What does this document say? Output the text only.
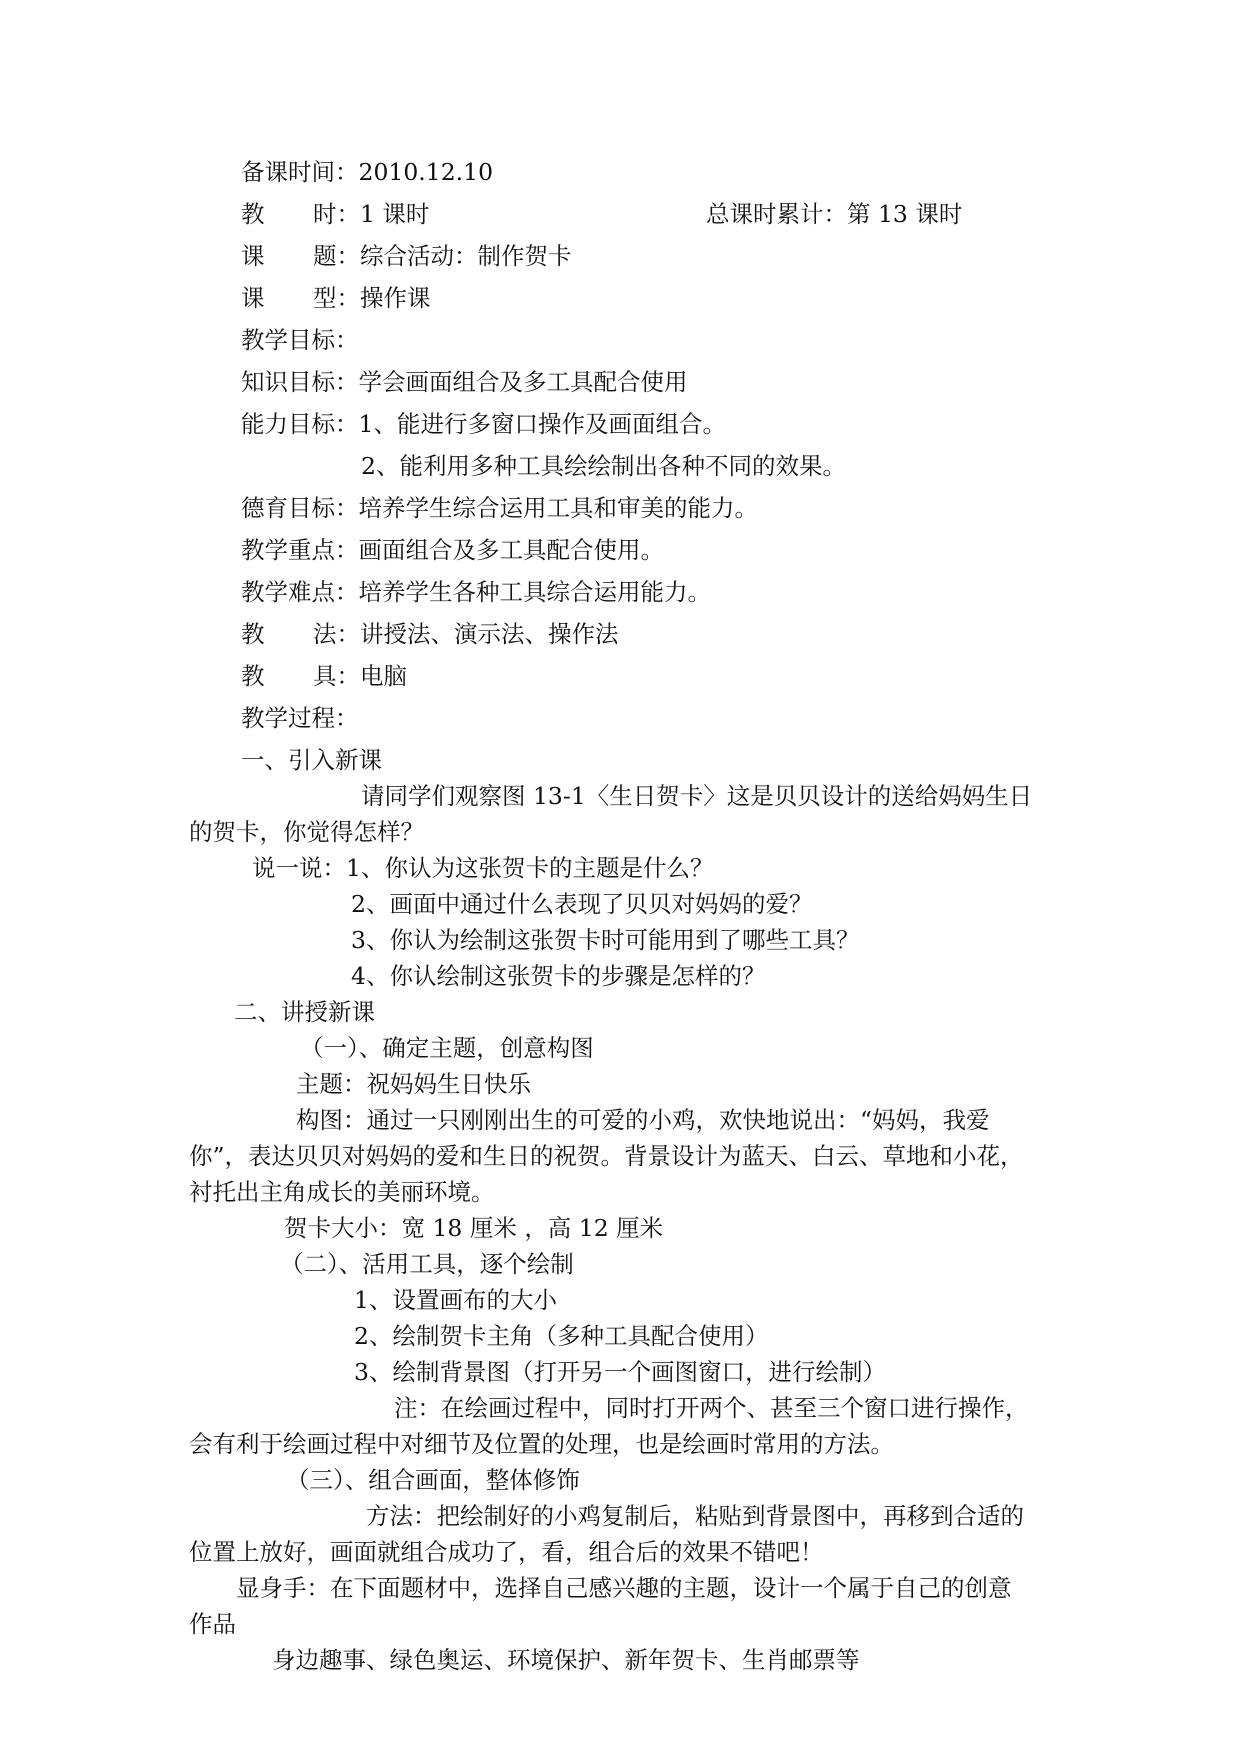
备课时间：2010.12.10
教 时：1 课时	总课时累计：第 13 课时
课 题：综合活动：制作贺卡
课 型：操作课
教学目标：
知识目标：学会画面组合及多工具配合使用
能力目标：1、能进行多窗口操作及画面组合。
2、能利用多种工具绘绘制出各种不同的效果。
德育目标：培养学生综合运用工具和审美的能力。
教学重点：画面组合及多工具配合使用。
教学难点：培养学生各种工具综合运用能力。
教 法：讲授法、演示法、操作法
教 具：电脑
教学过程：
一、引入新课
请同学们观察图 13-1〈生日贺卡〉这是贝贝设计的送给妈妈生日
的贺卡，你觉得怎样？
说一说：1、你认为这张贺卡的主题是什么？
2、画面中通过什么表现了贝贝对妈妈的爱？
3、你认为绘制这张贺卡时可能用到了哪些工具？
4、你认绘制这张贺卡的步骤是怎样的？
二、讲授新课
（一）、确定主题，创意构图
主题：祝妈妈生日快乐
构图：通过一只刚刚出生的可爱的小鸡，欢快地说出：“妈妈，我爱
你”，表达贝贝对妈妈的爱和生日的祝贺。背景设计为蓝天、白云、草地和小花，
衬托出主角成长的美丽环境。
贺卡大小：宽 18 厘米 ，高 12 厘米
（二）、活用工具，逐个绘制
1、设置画布的大小
2、绘制贺卡主角（多种工具配合使用）
3、绘制背景图（打开另一个画图窗口，进行绘制）
注：在绘画过程中，同时打开两个、甚至三个窗口进行操作，
会有利于绘画过程中对细节及位置的处理，也是绘画时常用的方法。
（三）、组合画面，整体修饰
方法：把绘制好的小鸡复制后，粘贴到背景图中，再移到合适的
位置上放好，画面就组合成功了，看，组合后的效果不错吧！
显身手：在下面题材中，选择自己感兴趣的主题，设计一个属于自己的创意
作品
身边趣事、绿色奥运、环境保护、新年贺卡、生肖邮票等
